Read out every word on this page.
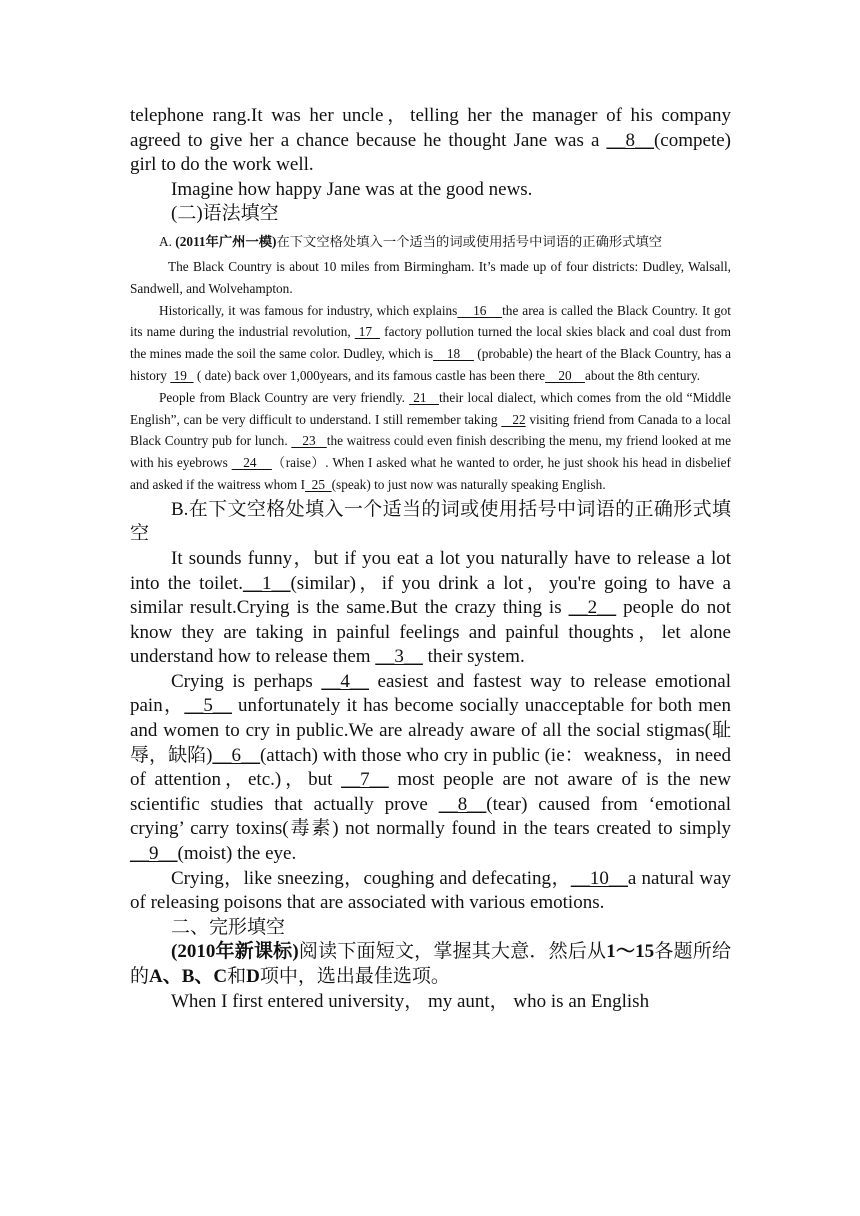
telephone rang.It was her uncle，telling her the manager of his company agreed to give her a chance because he thought Jane was a __8__(compete) girl to do the work well.

Imagine how happy Jane was at the good news.

(二)语法填空

A. (2011年广州一模)在下文空格处填入一个适当的词或使用括号中词语的正确形式填空

The Black Country is about 10 miles from Birmingham. It’s made up of four districts: Dudley, Walsall, Sandwell, and Wolvehampton.

Historically, it was famous for industry, which explains    16    the area is called the Black Country. It got its name during the industrial revolution,  17   factory pollution turned the local skies black and coal dust from the mines made the soil the same color. Dudley, which is    18     (probable) the heart of the Black Country, has a history  19   ( date) back over 1,000years, and its famous castle has been there    20    about the 8th century.

People from Black Country are very friendly.  21   their local dialect, which comes from the old “Middle English”, can be very difficult to understand. I still remember taking    22 visiting friend from Canada to a local Black Country pub for lunch.    23   the waitress could even finish describing the menu, my friend looked at me with his eyebrows    24    （raise）. When I asked what he wanted to order, he just shook his head in disbelief and asked if the waitress whom I  25  (speak) to just now was naturally speaking English.

B.在下文空格处填入一个适当的词或使用括号中词语的正确形式填空

It sounds funny，but if you eat a lot you naturally have to release a lot into the toilet.__1__(similar)，if you drink a lot，you're going to have a similar result.Crying is the same.But the crazy thing is __2__ people do not know they are taking in painful feelings and painful thoughts，let alone understand how to release them __3__ their system.

Crying is perhaps __4__ easiest and fastest way to release emotional pain，__5__ unfortunately it has become socially unacceptable for both men and women to cry in public.We are already aware of all the social stigmas(耻辱，缺陷)__6__(attach) with those who cry in public (ie：weakness，in need of attention，etc.)，but __7__ most people are not aware of is the new scientific studies that actually prove __8__(tear) caused from ‘emotional crying’ carry toxins(毒素) not normally found in the tears created to simply __9__(moist) the eye.

Crying，like sneezing，coughing and defecating，__10__a natural way of releasing poisons that are associated with various emotions.

二、完形填空

(2010年新课标)阅读下面短文，掌握其大意．然后从1～15各题所给的A、B、C和D项中，选出最佳选项。

When I first entered university， my aunt， who is an English
